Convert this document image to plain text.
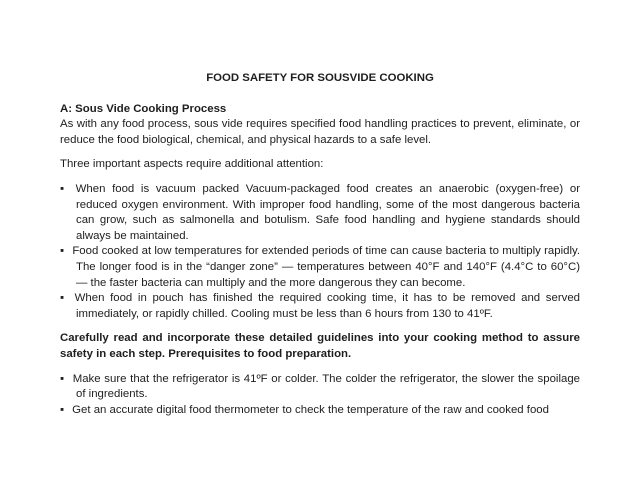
FOOD SAFETY FOR SOUSVIDE COOKING
A: Sous Vide Cooking Process

As with any food process, sous vide requires specified food handling practices to prevent, eliminate, or reduce the food biological, chemical, and physical hazards to a safe level.

Three important aspects require additional attention:

▪ When food is vacuum packed Vacuum-packaged food creates an anaerobic (oxygen-free) or reduced oxygen environment. With improper food handling, some of the most dangerous bacteria can grow, such as salmonella and botulism. Safe food handling and hygiene standards should always be maintained.
▪ Food cooked at low temperatures for extended periods of time can cause bacteria to multiply rapidly. The longer food is in the “danger zone” — temperatures between 40°F and 140°F (4.4°C to 60°C) — the faster bacteria can multiply and the more dangerous they can become.
▪ When food in pouch has finished the required cooking time, it has to be removed and served immediately, or rapidly chilled. Cooling must be less than 6 hours from 130 to 41ºF.

Carefully read and incorporate these detailed guidelines into your cooking method to assure safety in each step. Prerequisites to food preparation.

▪ Make sure that the refrigerator is 41ºF or colder. The colder the refrigerator, the slower the spoilage of ingredients.
▪ Get an accurate digital food thermometer to check the temperature of the raw and cooked food
